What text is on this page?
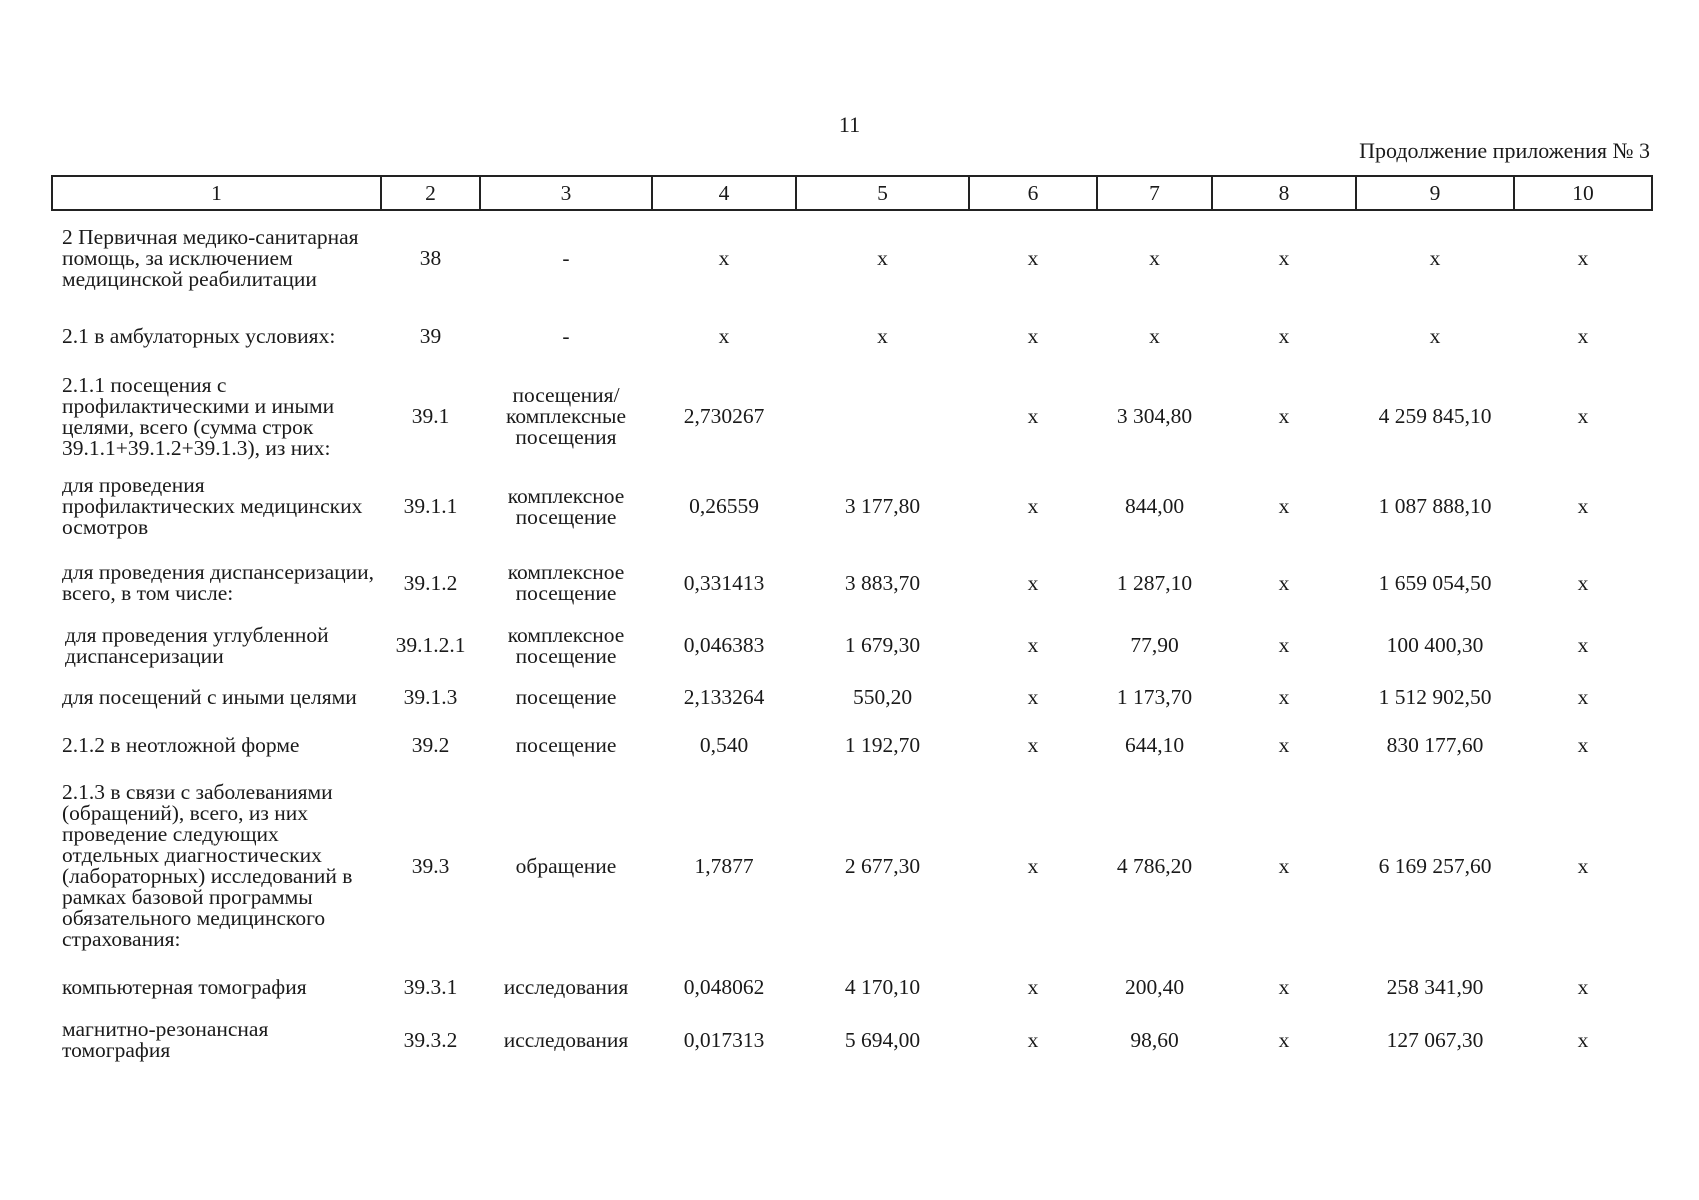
11
Продолжение приложения № 3
1	2	3	4	5	6	7	8	9	10
2 Первичная медико-санитарная помощь, за исключением медицинской реабилитации	38	-	х	х	х	х	х	х	х
2.1 в амбулаторных условиях:	39	-	х	х	х	х	х	х	х
2.1.1 посещения с профилактическими и иными целями, всего (сумма строк 39.1.1+39.1.2+39.1.3), из них:	39.1	посещения/комплексные посещения	2,730267		х	3 304,80	х	4 259 845,10	х
для проведения профилактических медицинских осмотров	39.1.1	комплексное посещение	0,26559	3 177,80	х	844,00	х	1 087 888,10	х
для проведения диспансеризации, всего, в том числе:	39.1.2	комплексное посещение	0,331413	3 883,70	х	1 287,10	х	1 659 054,50	х
для проведения углубленной диспансеризации	39.1.2.1	комплексное посещение	0,046383	1 679,30	х	77,90	х	100 400,30	х
для посещений с иными целями	39.1.3	посещение	2,133264	550,20	х	1 173,70	х	1 512 902,50	х
2.1.2 в неотложной форме	39.2	посещение	0,540	1 192,70	х	644,10	х	830 177,60	х
2.1.3 в связи с заболеваниями (обращений), всего, из них проведение следующих отдельных диагностических (лабораторных) исследований в рамках базовой программы обязательного медицинского страхования:	39.3	обращение	1,7877	2 677,30	х	4 786,20	х	6 169 257,60	х
компьютерная томография	39.3.1	исследования	0,048062	4 170,10	х	200,40	х	258 341,90	х
магнитно-резонансная томография	39.3.2	исследования	0,017313	5 694,00	х	98,60	х	127 067,30	х
